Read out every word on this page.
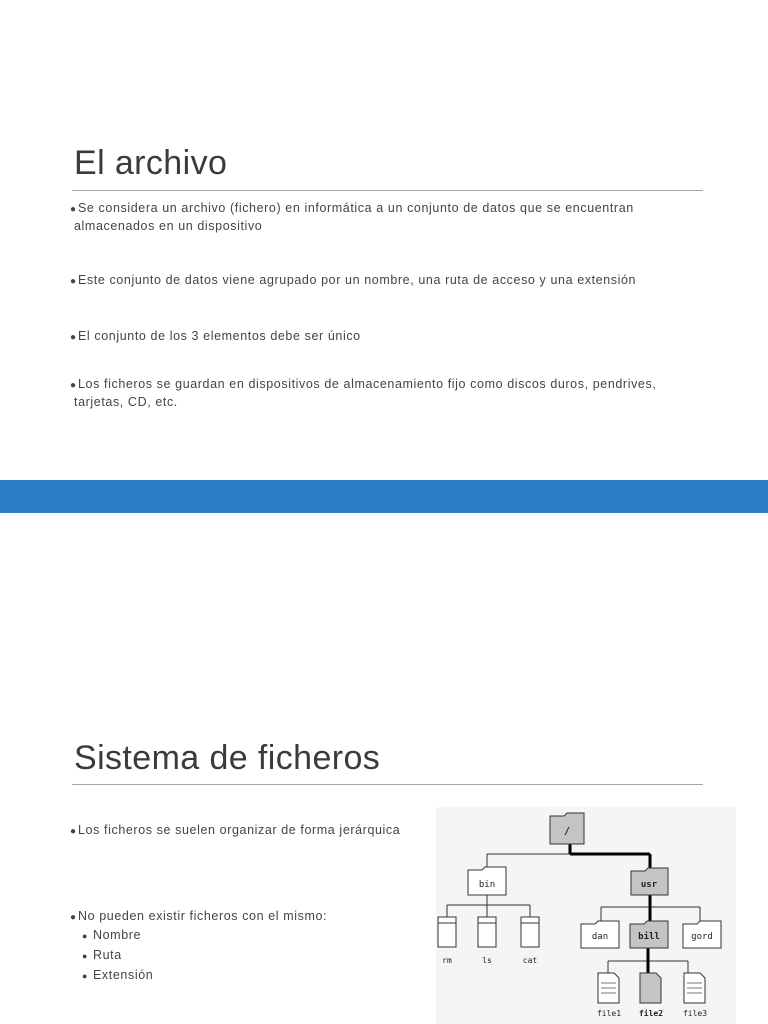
El archivo
●Se considera un archivo (fichero) en informática a un conjunto de datos que se encuentran
almacenados en un dispositivo
●Este conjunto de datos viene agrupado por un nombre, una ruta de acceso y una extensión
●El conjunto de los 3 elementos debe ser único
●Los ficheros se guardan en dispositivos de almacenamiento fijo como discos duros, pendrives,
tarjetas, CD, etc.
Sistema de ficheros
●Los ficheros se suelen organizar de forma jerárquica
●No pueden existir ficheros con el mismo:
● Nombre
● Ruta
● Extensión
/
bin	usr
rm	ls	cat
dan	bill	gord
file1 file2 file3
